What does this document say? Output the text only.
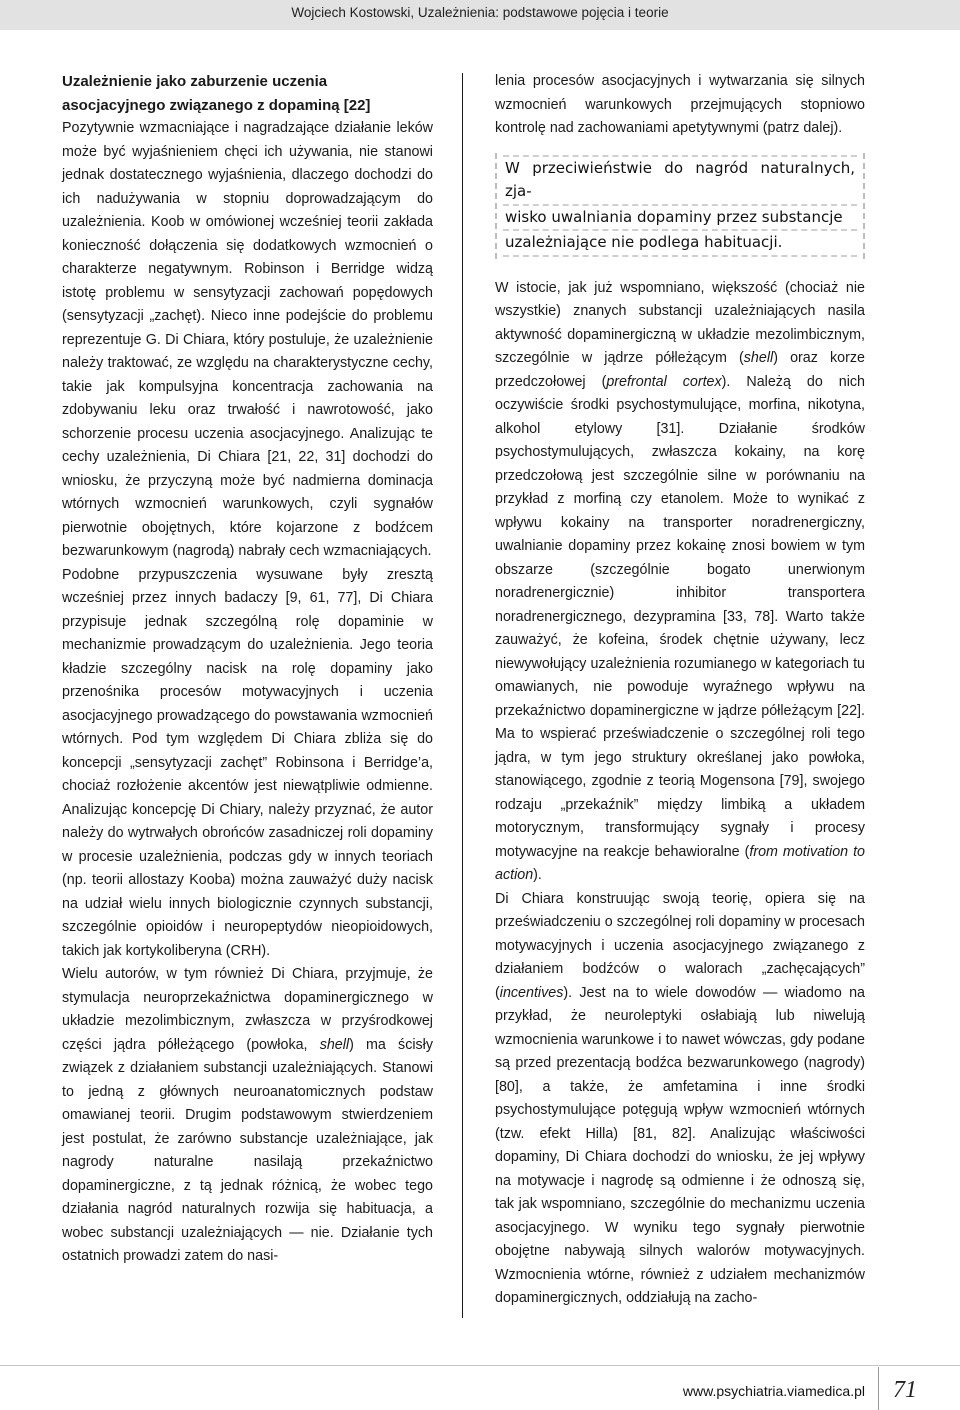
Wojciech Kostowski, Uzależnienia: podstawowe pojęcia i teorie
Uzależnienie jako zaburzenie uczenia
asocjacyjnego związanego z dopaminą [22]

Pozytywnie wzmacniające i nagradzające działanie leków może być wyjaśnieniem chęci ich używania, nie stanowi jednak dostatecznego wyjaśnienia, dlaczego dochodzi do ich nadużywania w stopniu doprowadzającym do uzależnienia. Koob w omówionej wcześniej teorii zakłada konieczność dołączenia się dodatkowych wzmocnień o charakterze negatywnym. Robinson i Berridge widzą istotę problemu w sensytyzacji zachowań popędowych (sensytyzacji „zachęt). Nieco inne podejście do problemu reprezentuje G. Di Chiara, który postuluje, że uzależnienie należy traktować, ze względu na charakterystyczne cechy, takie jak kompulsyjna koncentracja zachowania na zdobywaniu leku oraz trwałość i nawrotowość, jako schorzenie procesu uczenia asocjacyjnego. Analizując te cechy uzależnienia, Di Chiara [21, 22, 31] dochodzi do wniosku, że przyczyną może być nadmierna dominacja wtórnych wzmocnień warunkowych, czyli sygnałów pierwotnie obojętnych, które kojarzone z bodźcem bezwarunkowym (nagrodą) nabrały cech wzmacniających.

Podobne przypuszczenia wysuwane były zresztą wcześniej przez innych badaczy [9, 61, 77], Di Chiara przypisuje jednak szczególną rolę dopaminie w mechanizmie prowadzącym do uzależnienia. Jego teoria kładzie szczególny nacisk na rolę dopaminy jako przenośnika procesów motywacyjnych i uczenia asocjacyjnego prowadzącego do powstawania wzmocnień wtórnych. Pod tym względem Di Chiara zbliża się do koncepcji „sensytyzacji zachęt” Robinsona i Berridge’a, chociaż rozłożenie akcentów jest niewątpliwie odmienne. Analizując koncepcję Di Chiary, należy przyznać, że autor należy do wytrwałych obrońców zasadniczej roli dopaminy w procesie uzależnienia, podczas gdy w innych teoriach (np. teorii allostazy Kooba) można zauważyć duży nacisk na udział wielu innych biologicznie czynnych substancji, szczególnie opioidów i neuropeptydów nieopioidowych, takich jak kortykoliberyna (CRH).

Wielu autorów, w tym również Di Chiara, przyjmuje, że stymulacja neuroprzekaźnictwa dopaminergicznego w układzie mezolimbicznym, zwłaszcza w przyśrodkowej części jądra półleżącego (powłoka, shell) ma ścisły związek z działaniem substancji uzależniających. Stanowi to jedną z głównych neuroanatomicznych podstaw omawianej teorii. Drugim podstawowym stwierdzeniem jest postulat, że zarówno substancje uzależniające, jak nagrody naturalne nasilają przekaźnictwo dopaminergiczne, z tą jednak różnicą, że wobec tego działania nagród naturalnych rozwija się habituacja, a wobec substancji uzależniających — nie. Działanie tych ostatnich prowadzi zatem do nasi-

lenia procesów asocjacyjnych i wytwarzania się silnych wzmocnień warunkowych przejmujących stopniowo kontrolę nad zachowaniami apetytywnymi (patrz dalej).

W przeciwieństwie do nagród naturalnych, zja-
wisko uwalniania dopaminy przez substancje
uzależniające nie podlega habituacji.

W istocie, jak już wspomniano, większość (chociaż nie wszystkie) znanych substancji uzależniających nasila aktywność dopaminergiczną w układzie mezolimbicznym, szczególnie w jądrze półleżącym (shell) oraz korze przedczołowej (prefrontal cortex). Należą do nich oczywiście środki psychostymulujące, morfina, nikotyna, alkohol etylowy [31]. Działanie środków psychostymulujących, zwłaszcza kokainy, na korę przedczołową jest szczególnie silne w porównaniu na przykład z morfiną czy etanolem. Może to wynikać z wpływu kokainy na transporter noradrenergiczny, uwalnianie dopaminy przez kokainę znosi bowiem w tym obszarze (szczególnie bogato unerwionym noradrenergicznie) inhibitor transportera noradrenergicznego, dezypramina [33, 78]. Warto także zauważyć, że kofeina, środek chętnie używany, lecz niewywołujący uzależnienia rozumianego w kategoriach tu omawianych, nie powoduje wyraźnego wpływu na przekaźnictwo dopaminergiczne w jądrze półleżącym [22]. Ma to wspierać przeświadczenie o szczególnej roli tego jądra, w tym jego struktury określanej jako powłoka, stanowiącego, zgodnie z teorią Mogensona [79], swojego rodzaju „przekaźnik” między limbiką a układem motorycznym, transformujący sygnały i procesy motywacyjne na reakcje behawioralne (from motivation to action).

Di Chiara konstruując swoją teorię, opiera się na przeświadczeniu o szczególnej roli dopaminy w procesach motywacyjnych i uczenia asocjacyjnego związanego z działaniem bodźców o walorach „zachęcających” (incentives). Jest na to wiele dowodów — wiadomo na przykład, że neuroleptyki osłabiają lub niwelują wzmocnienia warunkowe i to nawet wówczas, gdy podane są przed prezentacją bodźca bezwarunkowego (nagrody) [80], a także, że amfetamina i inne środki psychostymulujące potęgują wpływ wzmocnień wtórnych (tzw. efekt Hilla) [81, 82]. Analizując właściwości dopaminy, Di Chiara dochodzi do wniosku, że jej wpływy na motywacje i nagrodę są odmienne i że odnoszą się, tak jak wspomniano, szczególnie do mechanizmu uczenia asocjacyjnego. W wyniku tego sygnały pierwotnie obojętne nabywają silnych walorów motywacyjnych. Wzmocnienia wtórne, również z udziałem mechanizmów dopaminergicznych, oddziałują na zacho-

www.psychiatria.viamedica.pl 71
